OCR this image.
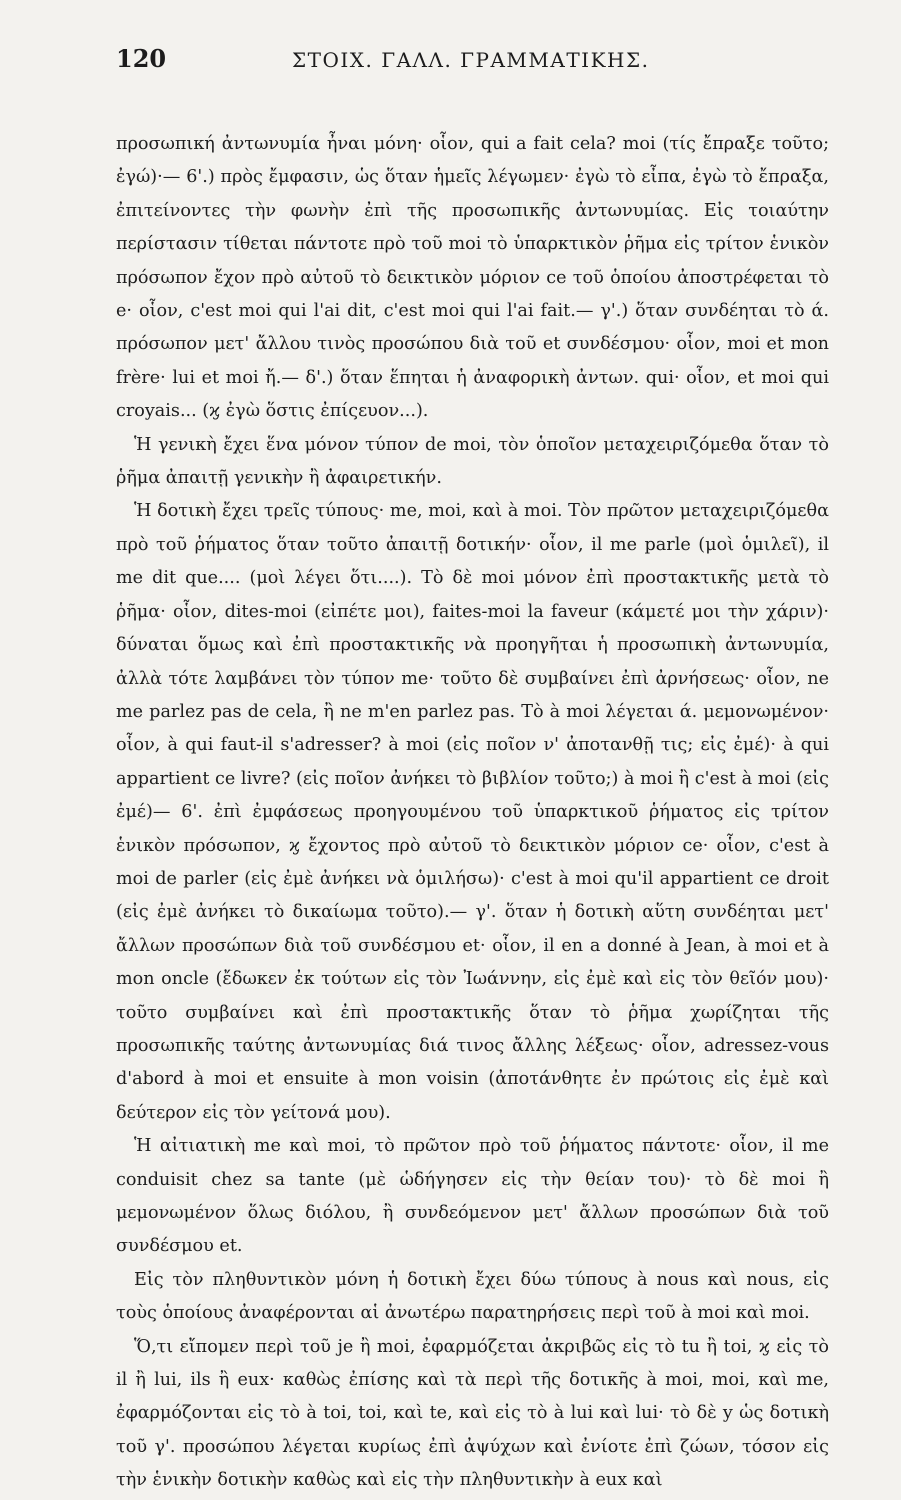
120	ΣΤΟΙΧ. ΓΑΛΛ. ΓΡΑΜΜΑΤΙΚΗΣ.

προσωπική ἀντωνυμία ἦναι μόνη· οἷον, qui a fait cela? moi (τίς ἔπραξε τοῦτο; ἐγώ)·— 6'.) πρὸς ἔμφασιν, ὡς ὅταν ἡμεῖς λέγωμεν· ἐγὼ τὸ εἶπα, ἐγὼ τὸ ἔπραξα, ἐπιτείνοντες τὴν φωνὴν ἐπὶ τῆς προσωπικῆς ἀντωνυμίας. Εἰς τοιαύτην περίστασιν τίθεται πάντοτε πρὸ τοῦ moi τὸ ὑπαρκτικὸν ῥῆμα εἰς τρίτον ἑνικὸν πρόσωπον ἔχον πρὸ αὐτοῦ τὸ δεικτικὸν μόριον ce τοῦ ὁποίου ἀποστρέφεται τὸ e· οἷον, c'est moi qui l'ai dit, c'est moi qui l'ai fait.— γ'.) ὅταν συνδέηται τὸ ά. πρόσωπον μετ' ἄλλου τινὸς προσώπου διὰ τοῦ et συνδέσμου· οἷον, moi et mon frère· lui et moi ἤ.— δ'.) ὅταν ἕπηται ἡ ἀναφορικὴ ἀντων. qui· οἷον, et moi qui croyais... (ϗ ἐγὼ ὅστις ἐπίςευον...).

Ἡ γενικὴ ἔχει ἕνα μόνον τύπον de moi, τὸν ὁποῖον μεταχειριζόμεθα ὅταν τὸ ῥῆμα ἀπαιτῇ γενικὴν ἢ ἀφαιρετικήν.

Ἡ δοτικὴ ἔχει τρεῖς τύπους· me, moi, καὶ à moi. Τὸν πρῶτον μεταχειριζόμεθα πρὸ τοῦ ῥήματος ὅταν τοῦτο ἀπαιτῇ δοτικήν· οἷον, il me parle (μοὶ ὁμιλεῖ), il me dit que.... (μοὶ λέγει ὅτι....). Τὸ δὲ moi μόνον ἐπὶ προστακτικῆς μετὰ τὸ ῥῆμα· οἷον, dites-moi (εἰπέτε μοι), faites-moi la faveur (κάμετέ μοι τὴν χάριν)· δύναται ὅμως καὶ ἐπὶ προστακτικῆς νὰ προηγῆται ἡ προσωπικὴ ἀντωνυμία, ἀλλὰ τότε λαμβάνει τὸν τύπον me· τοῦτο δὲ συμβαίνει ἐπὶ ἀρνήσεως· οἷον, ne me parlez pas de cela, ἢ ne m'en parlez pas. Τὸ à moi λέγεται ά. μεμονωμένον· οἷον, à qui faut-il s'adresser? à moi (εἰς ποῖον ν' ἀποτανθῇ τις; εἰς ἐμέ)· à qui appartient ce livre? (εἰς ποῖον ἀνήκει τὸ βιβλίον τοῦτο;) à moi ἢ c'est à moi (εἰς ἐμέ)— 6'. ἐπὶ ἐμφάσεως προηγουμένου τοῦ ὑπαρκτικοῦ ῥήματος εἰς τρίτον ἑνικὸν πρόσωπον, ϗ ἔχοντος πρὸ αὐτοῦ τὸ δεικτικὸν μόριον ce· οἷον, c'est à moi de parler (εἰς ἐμὲ ἀνήκει νὰ ὁμιλήσω)· c'est à moi qu'il appartient ce droit (εἰς ἐμὲ ἀνήκει τὸ δικαίωμα τοῦτο).— γ'. ὅταν ἡ δοτικὴ αὕτη συνδέηται μετ' ἄλλων προσώπων διὰ τοῦ συνδέσμου et· οἷον, il en a donné à Jean, à moi et à mon oncle (ἔδωκεν ἐκ τούτων εἰς τὸν Ἰωάννην, εἰς ἐμὲ καὶ εἰς τὸν θεῖόν μου)· τοῦτο συμβαίνει καὶ ἐπὶ προστακτικῆς ὅταν τὸ ῥῆμα χωρίζηται τῆς προσωπικῆς ταύτης ἀντωνυμίας διά τινος ἄλλης λέξεως· οἷον, adressez-vous d'abord à moi et ensuite à mon voisin (ἀποτάνθητε ἐν πρώτοις εἰς ἐμὲ καὶ δεύτερον εἰς τὸν γείτονά μου).

Ἡ αἰτιατικὴ me καὶ moi, τὸ πρῶτον πρὸ τοῦ ῥήματος πάντοτε· οἷον, il me conduisit chez sa tante (μὲ ὡδήγησεν εἰς τὴν θείαν του)· τὸ δὲ moi ἢ μεμονωμένον ὅλως διόλου, ἢ συνδεόμενον μετ' ἄλλων προσώπων διὰ τοῦ συνδέσμου et.

Εἰς τὸν πληθυντικὸν μόνη ἡ δοτικὴ ἔχει δύω τύπους à nous καὶ nous, εἰς τοὺς ὁποίους ἀναφέρονται αἱ ἀνωτέρω παρατηρήσεις περὶ τοῦ à moi καὶ moi.

Ὅ,τι εἴπομεν περὶ τοῦ je ἢ moi, ἐφαρμόζεται ἀκριβῶς εἰς τὸ tu ἢ toi, ϗ εἰς τὸ il ἢ lui, ils ἢ eux· καθὼς ἐπίσης καὶ τὰ περὶ τῆς δοτικῆς à moi, moi, καὶ me, ἐφαρμόζονται εἰς τὸ à toi, toi, καὶ te, καὶ εἰς τὸ à lui καὶ lui· τὸ δὲ y ὡς δοτικὴ τοῦ γ'. προσώπου λέγεται κυρίως ἐπὶ ἀψύχων καὶ ἐνίοτε ἐπὶ ζώων, τόσον εἰς τὴν ἑνικὴν δοτικὴν καθὼς καὶ εἰς τὴν πληθυντικὴν à eux καὶ
